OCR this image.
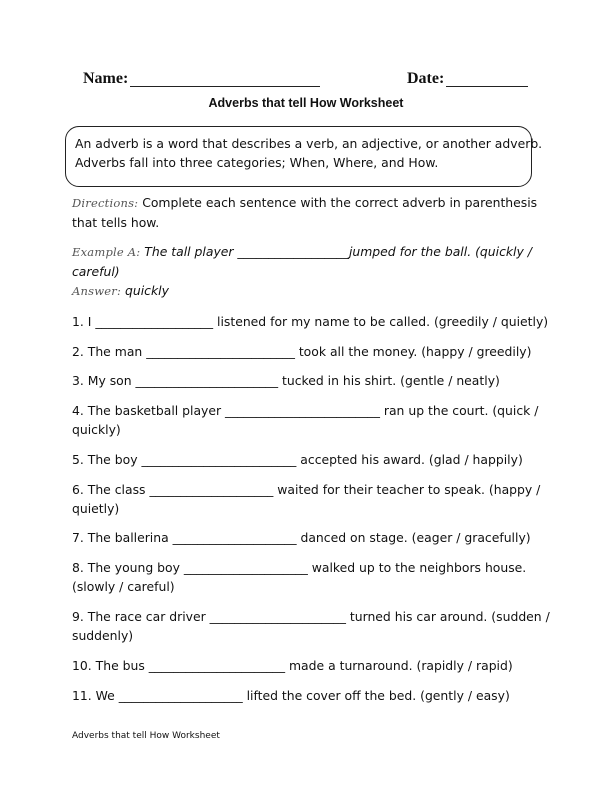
Name:	Date:
Adverbs that tell How Worksheet
An adverb is a word that describes a verb, an adjective, or another adverb.
Adverbs fall into three categories; When, Where, and How.
Directions: Complete each sentence with the correct adverb in parenthesis
that tells how.
Example A: The tall player __________________jumped for the ball. (quickly /
careful)
Answer: quickly
1. I ___________________ listened for my name to be called. (greedily / quietly)
2. The man ________________________ took all the money. (happy / greedily)
3. My son _______________________ tucked in his shirt. (gentle / neatly)
4. The basketball player _________________________ ran up the court. (quick /
quickly)
5. The boy _________________________ accepted his award. (glad / happily)
6. The class ____________________ waited for their teacher to speak. (happy /
quietly)
7. The ballerina ____________________ danced on stage. (eager / gracefully)
8. The young boy ____________________ walked up to the neighbors house.
(slowly / careful)
9. The race car driver ______________________ turned his car around. (sudden /
suddenly)
10. The bus ______________________ made a turnaround. (rapidly / rapid)
11. We ____________________ lifted the cover off the bed. (gently / easy)
Adverbs that tell How Worksheet
